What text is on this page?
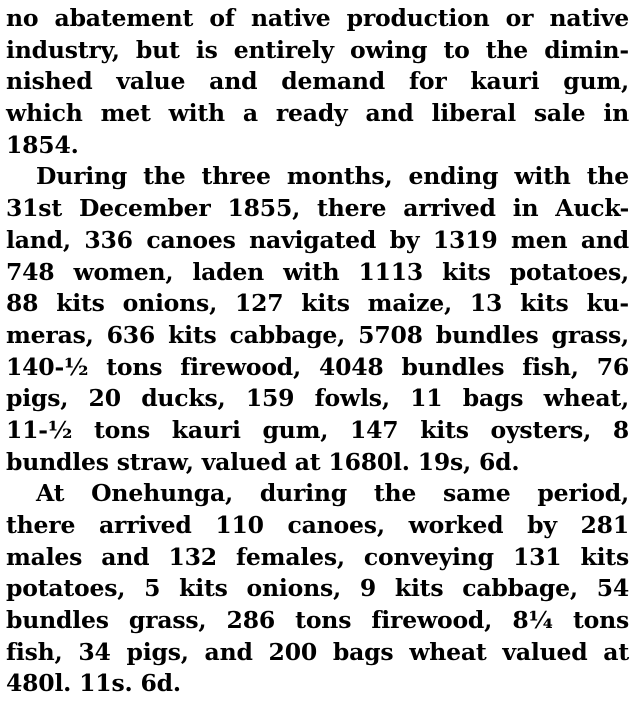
no abatement of native production or native
industry, but is entirely owing to the dimin-
nished value and demand for kauri gum,
which met with a ready and liberal sale in
1854.
During the three months, ending with the
31st December 1855, there arrived in Auck-
land, 336 canoes navigated by 1319 men and
748 women, laden with 1113 kits potatoes,
88 kits onions, 127 kits maize, 13 kits ku-
meras, 636 kits cabbage, 5708 bundles grass,
140-½ tons firewood, 4048 bundles fish, 76
pigs, 20 ducks, 159 fowls, 11 bags wheat,
11-½ tons kauri gum, 147 kits oysters, 8
bundles straw, valued at 1680l. 19s, 6d.
At Onehunga, during the same period,
there arrived 110 canoes, worked by 281
males and 132 females, conveying 131 kits
potatoes, 5 kits onions, 9 kits cabbage, 54
bundles grass, 286 tons firewood, 8¼ tons
fish, 34 pigs, and 200 bags wheat valued at
480l. 11s. 6d.
